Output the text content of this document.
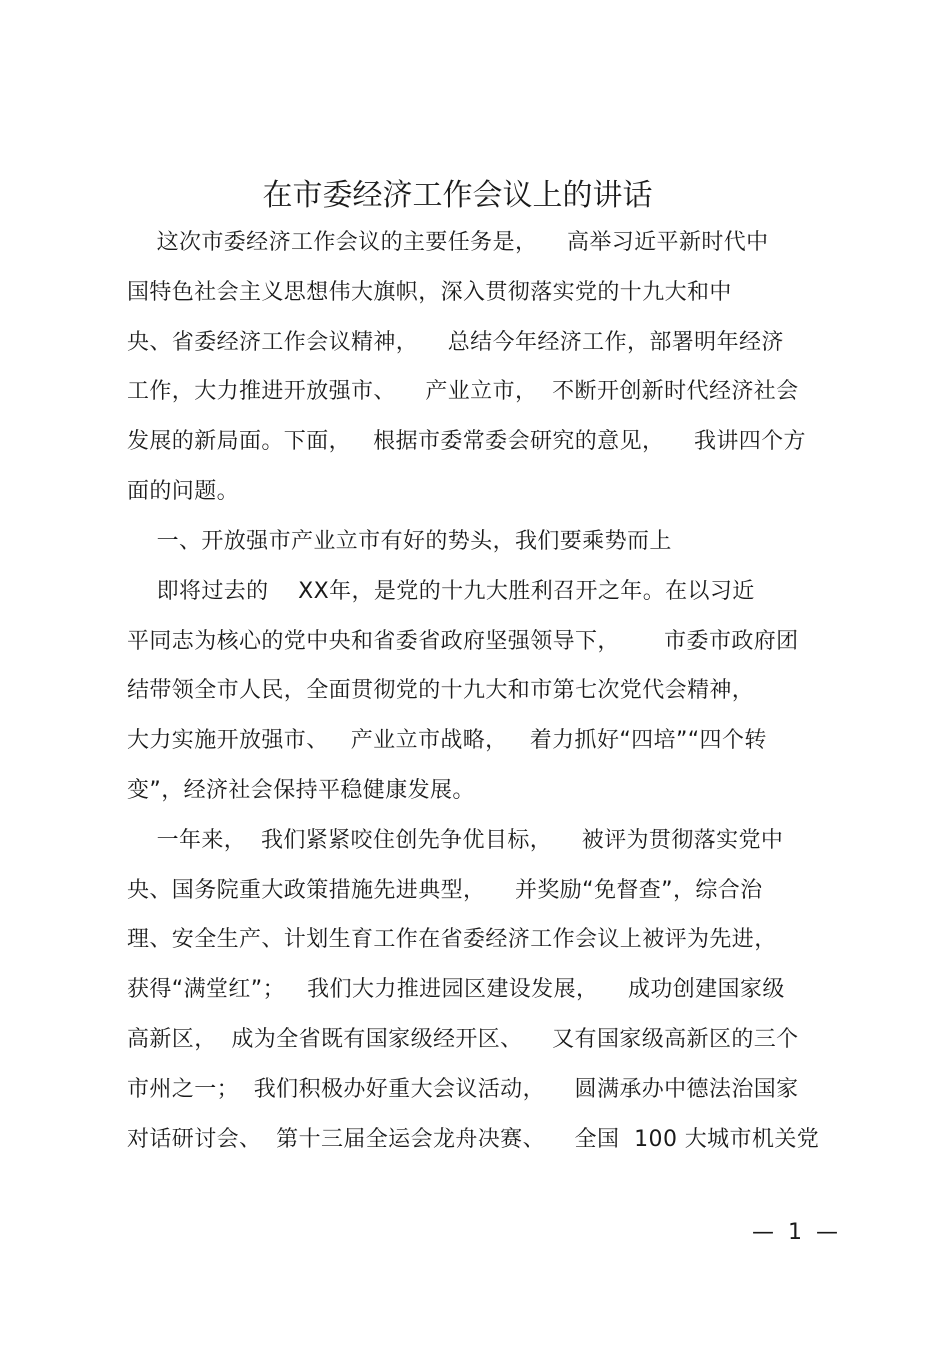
在市委经济工作会议上的讲话
这次市委经济工作会议的主要任务是，    高举习近平新时代中
国特色社会主义思想伟大旗帜，深入贯彻落实党的十九大和中
央、省委经济工作会议精神，    总结今年经济工作，部署明年经济
工作，大力推进开放强市、    产业立市，  不断开创新时代经济社会
发展的新局面。下面，   根据市委常委会研究的意见，    我讲四个方
面的问题。
一、开放强市产业立市有好的势头，我们要乘势而上
即将过去的    XX年，是党的十九大胜利召开之年。在以习近
平同志为核心的党中央和省委省政府坚强领导下，      市委市政府团
结带领全市人民，全面贯彻党的十九大和市第七次党代会精神，
大力实施开放强市、   产业立市战略，   着力抓好“四培”“四个转
变”，经济社会保持平稳健康发展。
一年来，  我们紧紧咬住创先争优目标，    被评为贯彻落实党中
央、国务院重大政策措施先进典型，    并奖励“免督查”，综合治
理、安全生产、计划生育工作在省委经济工作会议上被评为先进，
获得“满堂红”；   我们大力推进园区建设发展，    成功创建国家级
高新区，  成为全省既有国家级经开区、    又有国家级高新区的三个
市州之一；  我们积极办好重大会议活动，    圆满承办中德法治国家
对话研讨会、  第十三届全运会龙舟决赛、    全国  100 大城市机关党
—  1  —
